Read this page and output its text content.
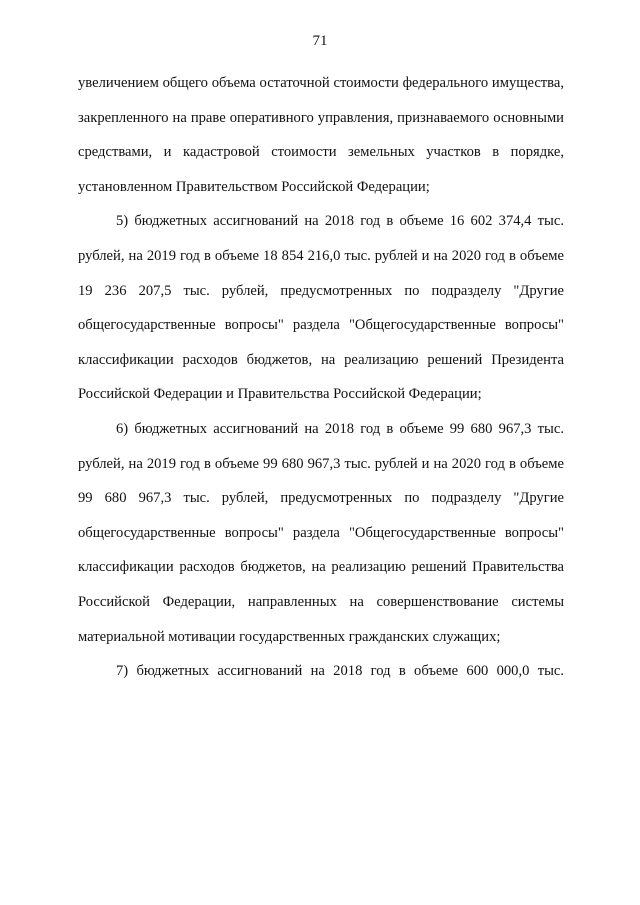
71

увеличением общего объема остаточной стоимости федерального имущества, закрепленного на праве оперативного управления, признаваемого основными средствами, и кадастровой стоимости земельных участков в порядке, установленном Правительством Российской Федерации;

5) бюджетных ассигнований на 2018 год в объеме 16 602 374,4 тыс. рублей, на 2019 год в объеме 18 854 216,0 тыс. рублей и на 2020 год в объеме 19 236 207,5 тыс. рублей, предусмотренных по подразделу "Другие общегосударственные вопросы" раздела "Общегосударственные вопросы" классификации расходов бюджетов, на реализацию решений Президента Российской Федерации и Правительства Российской Федерации;

6) бюджетных ассигнований на 2018 год в объеме 99 680 967,3 тыс. рублей, на 2019 год в объеме 99 680 967,3 тыс. рублей и на 2020 год в объеме 99 680 967,3 тыс. рублей, предусмотренных по подразделу "Другие общегосударственные вопросы" раздела "Общегосударственные вопросы" классификации расходов бюджетов, на реализацию решений Правительства Российской Федерации, направленных на совершенствование системы материальной мотивации государственных гражданских служащих;

7) бюджетных ассигнований на 2018 год в объеме 600 000,0 тыс.
